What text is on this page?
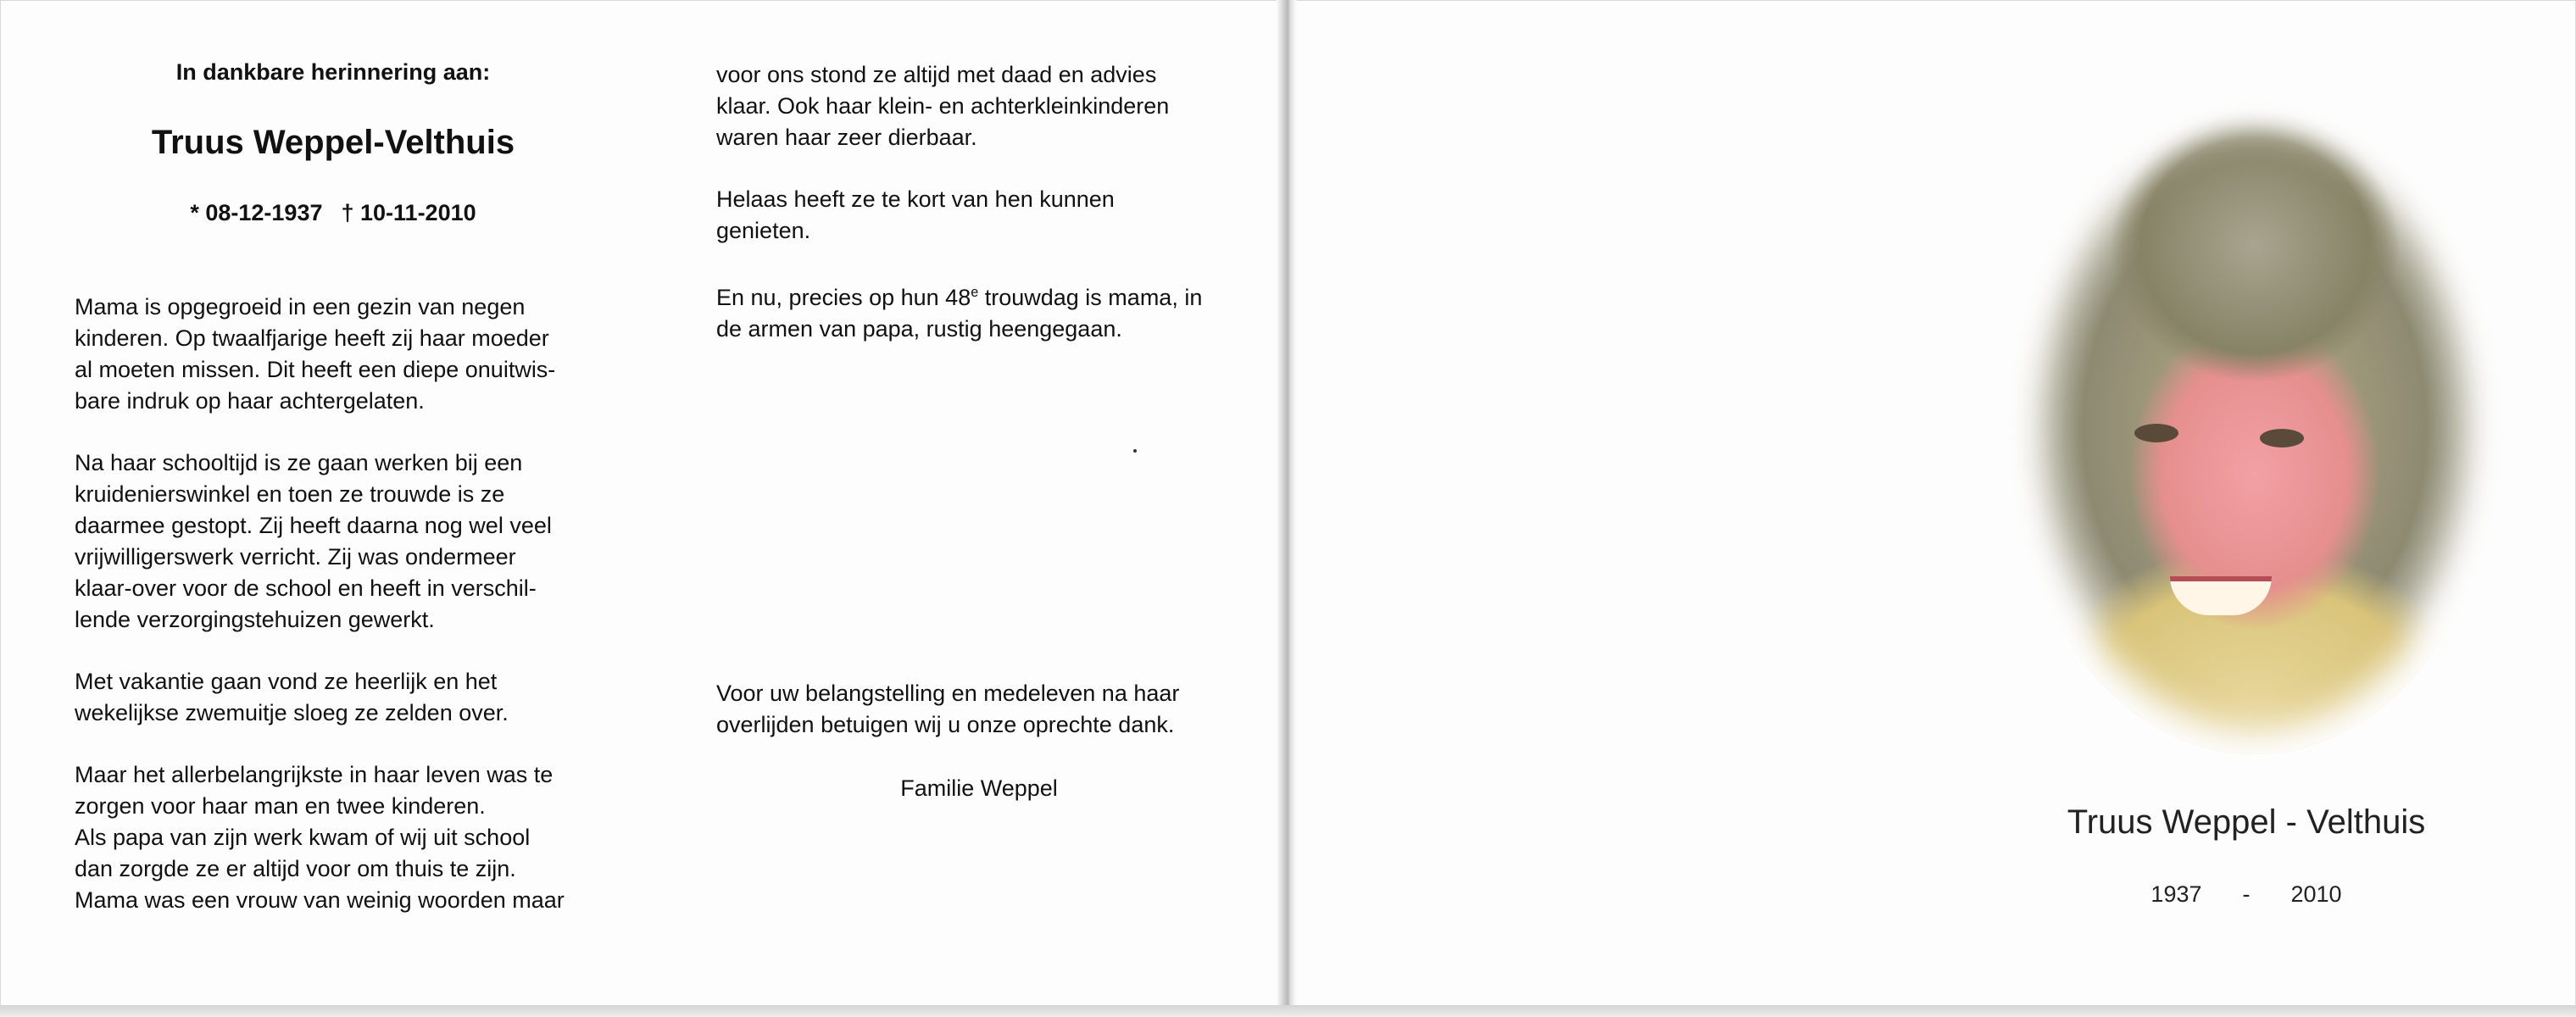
In dankbare herinnering aan:
Truus Weppel-Velthuis
* 08-12-1937 † 10-11-2010

Mama is opgegroeid in een gezin van negen
kinderen. Op twaalfjarige heeft zij haar moeder
al moeten missen. Dit heeft een diepe onuitwis-
bare indruk op haar achtergelaten.

Na haar schooltijd is ze gaan werken bij een
kruidenierswinkel en toen ze trouwde is ze
daarmee gestopt. Zij heeft daarna nog wel veel
vrijwilligerswerk verricht. Zij was ondermeer
klaar-over voor de school en heeft in verschil-
lende verzorgingstehuizen gewerkt.

Met vakantie gaan vond ze heerlijk en het
wekelijkse zwemuitje sloeg ze zelden over.

Maar het allerbelangrijkste in haar leven was te
zorgen voor haar man en twee kinderen.
Als papa van zijn werk kwam of wij uit school
dan zorgde ze er altijd voor om thuis te zijn.
Mama was een vrouw van weinig woorden maar

voor ons stond ze altijd met daad en advies
klaar. Ook haar klein- en achterkleinkinderen
waren haar zeer dierbaar.

Helaas heeft ze te kort van hen kunnen
genieten.

En nu, precies op hun 48e trouwdag is mama, in
de armen van papa, rustig heengegaan.

Voor uw belangstelling en medeleven na haar
overlijden betuigen wij u onze oprechte dank.

Familie Weppel
Truus Weppel - Velthuis
1937 - 2010
